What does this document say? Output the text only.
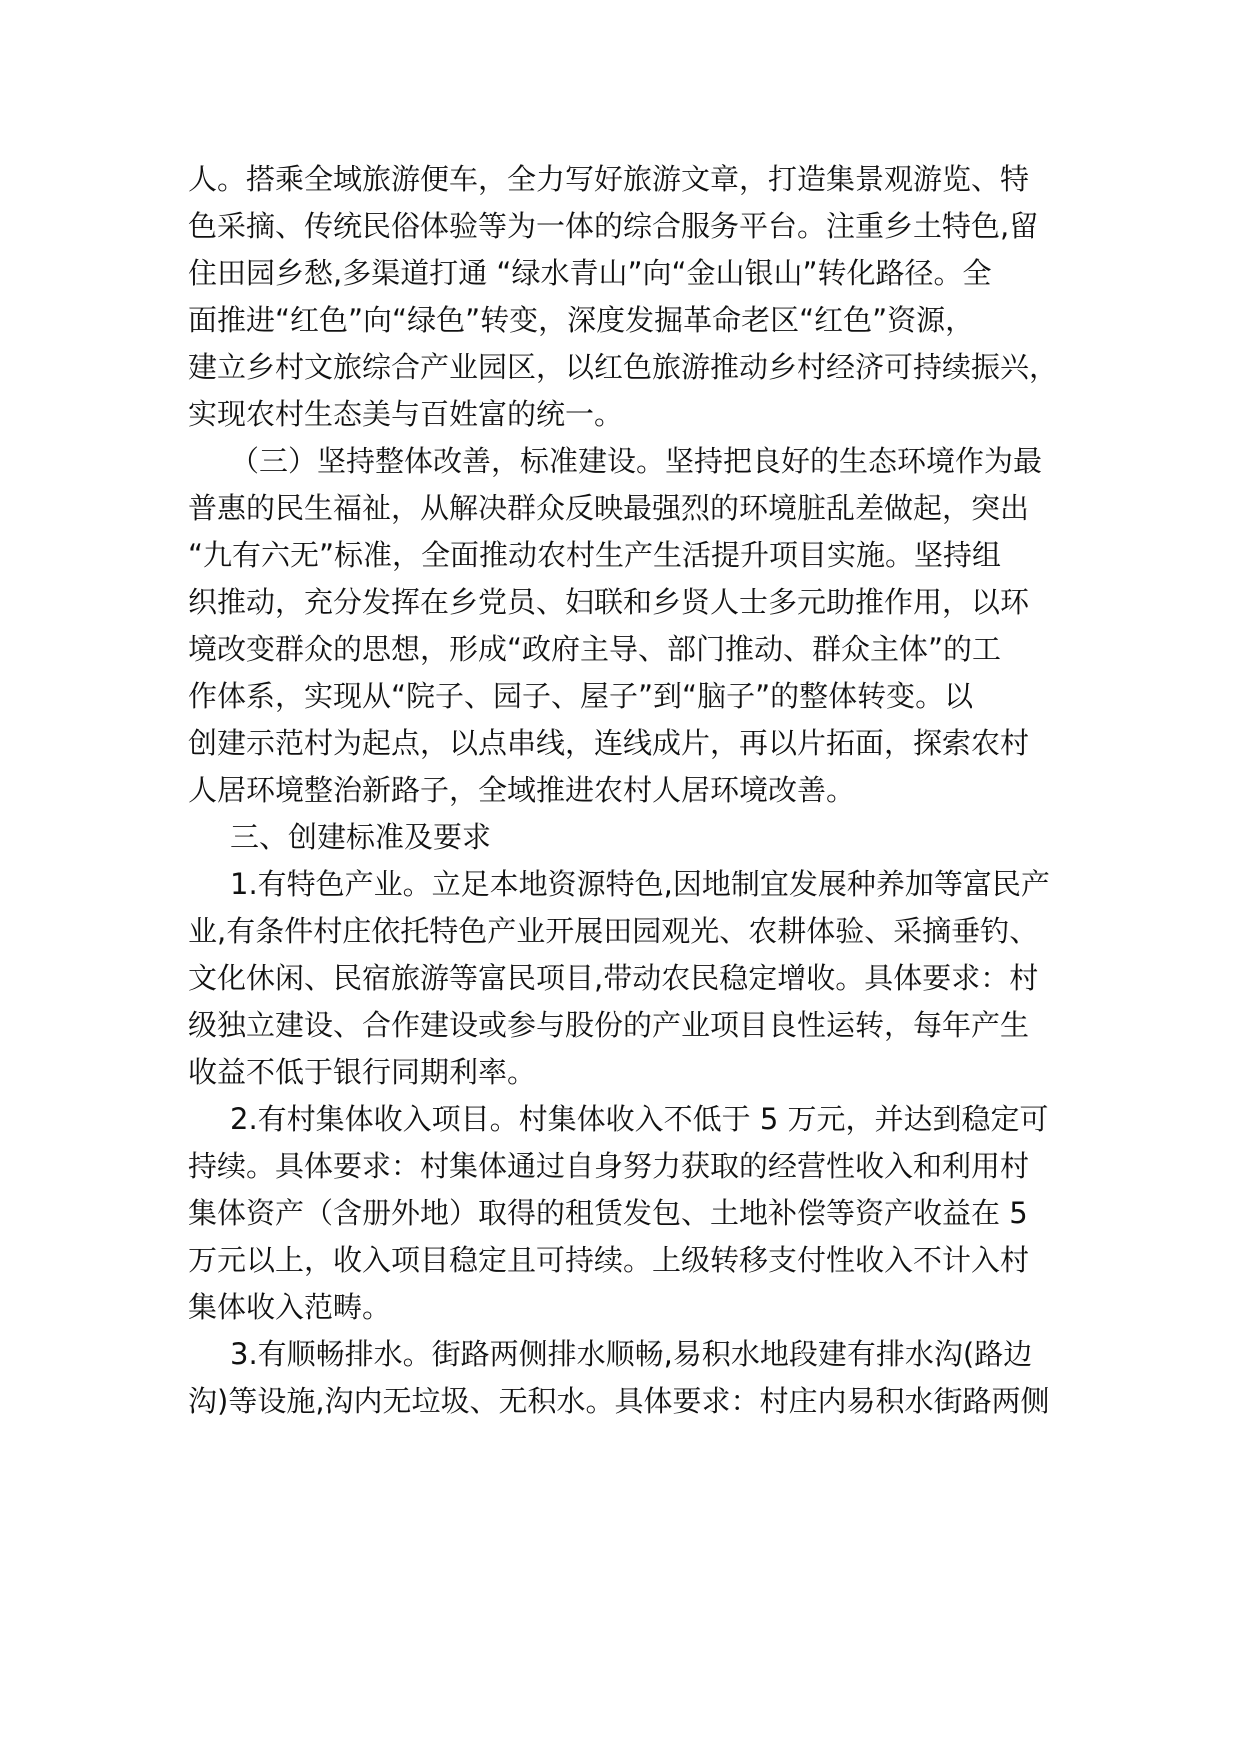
人。搭乘全域旅游便车，全力写好旅游文章，打造集景观游览、特
色采摘、传统民俗体验等为一体的综合服务平台。注重乡土特色,留
住田园乡愁,多渠道打通 “绿水青山”向“金山银山”转化路径。全
面推进“红色”向“绿色”转变，深度发掘革命老区“红色”资源，
建立乡村文旅综合产业园区，以红色旅游推动乡村经济可持续振兴，
实现农村生态美与百姓富的统一。
（三）坚持整体改善，标准建设。坚持把良好的生态环境作为最
普惠的民生福祉，从解决群众反映最强烈的环境脏乱差做起，突出
“九有六无”标准，全面推动农村生产生活提升项目实施。坚持组
织推动，充分发挥在乡党员、妇联和乡贤人士多元助推作用，以环
境改变群众的思想，形成“政府主导、部门推动、群众主体”的工
作体系，实现从“院子、园子、屋子”到“脑子”的整体转变。以
创建示范村为起点，以点串线，连线成片，再以片拓面，探索农村
人居环境整治新路子，全域推进农村人居环境改善。
三、创建标准及要求
1.有特色产业。立足本地资源特色,因地制宜发展种养加等富民产
业,有条件村庄依托特色产业开展田园观光、农耕体验、采摘垂钓、
文化休闲、民宿旅游等富民项目,带动农民稳定增收。具体要求：村
级独立建设、合作建设或参与股份的产业项目良性运转，每年产生
收益不低于银行同期利率。
2.有村集体收入项目。村集体收入不低于 5 万元，并达到稳定可
持续。具体要求：村集体通过自身努力获取的经营性收入和利用村
集体资产（含册外地）取得的租赁发包、土地补偿等资产收益在 5
万元以上，收入项目稳定且可持续。上级转移支付性收入不计入村
集体收入范畴。
3.有顺畅排水。街路两侧排水顺畅,易积水地段建有排水沟(路边
沟)等设施,沟内无垃圾、无积水。具体要求：村庄内易积水街路两侧
